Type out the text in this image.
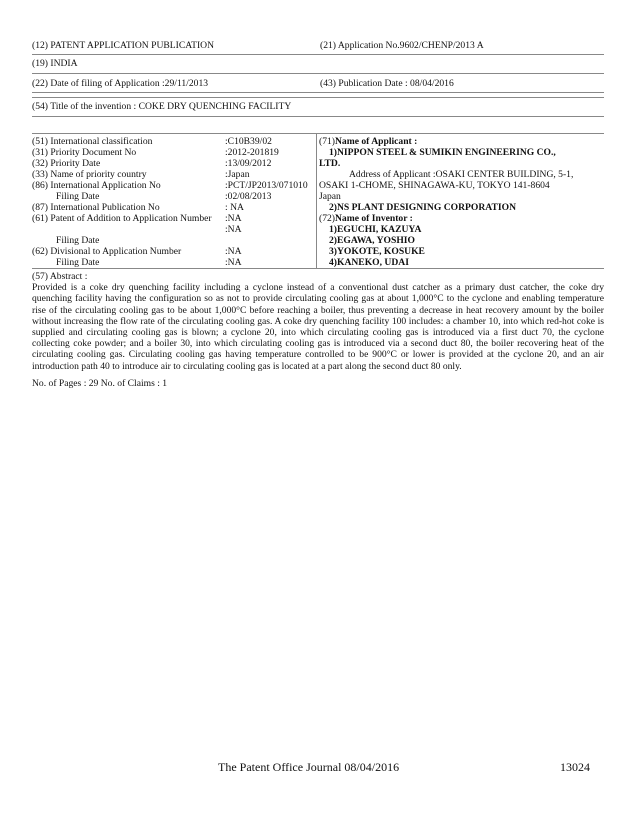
(12) PATENT APPLICATION PUBLICATION	(21) Application No.9602/CHENP/2013 A
(19) INDIA
(22) Date of filing of Application :29/11/2013	(43) Publication Date : 08/04/2016
(54) Title of the invention : COKE DRY QUENCHING FACILITY
(51) International classification	:C10B39/02
(31) Priority Document No	:2012-201819
(32) Priority Date	:13/09/2012
(33) Name of priority country	:Japan
(86) International Application No	:PCT/JP2013/071010
Filing Date	:02/08/2013
(87) International Publication No	: NA
(61) Patent of Addition to Application Number	:NA
:NA
Filing Date
(62) Divisional to Application Number	:NA
Filing Date	:NA
(71)Name of Applicant :
1)NIPPON STEEL & SUMIKIN ENGINEERING CO.,
LTD.
Address of Applicant :OSAKI CENTER BUILDING, 5-1,
OSAKI 1-CHOME, SHINAGAWA-KU, TOKYO 141-8604
Japan
2)NS PLANT DESIGNING CORPORATION
(72)Name of Inventor :
1)EGUCHI, KAZUYA
2)EGAWA, YOSHIO
3)YOKOTE, KOSUKE
4)KANEKO, UDAI
(57) Abstract :
Provided is a coke dry quenching facility including a cyclone instead of a conventional dust catcher as a primary dust catcher, the coke dry quenching facility having the configuration so as not to provide circulating cooling gas at about 1,000°C to the cyclone and enabling temperature rise of the circulating cooling gas to be about 1,000°C before reaching a boiler, thus preventing a decrease in heat recovery amount by the boiler without increasing the flow rate of the circulating cooling gas. A coke dry quenching facility 100 includes: a chamber 10, into which red-hot coke is supplied and circulating cooling gas is blown; a cyclone 20, into which circulating cooling gas is introduced via a first duct 70, the cyclone collecting coke powder; and a boiler 30, into which circulating cooling gas is introduced via a second duct 80, the boiler recovering heat of the circulating cooling gas. Circulating cooling gas having temperature controlled to be 900°C or lower is provided at the cyclone 20, and an air introduction path 40 to introduce air to circulating cooling gas is located at a part along the second duct 80 only.
No. of Pages : 29 No. of Claims : 1
The Patent Office Journal 08/04/2016	13024
